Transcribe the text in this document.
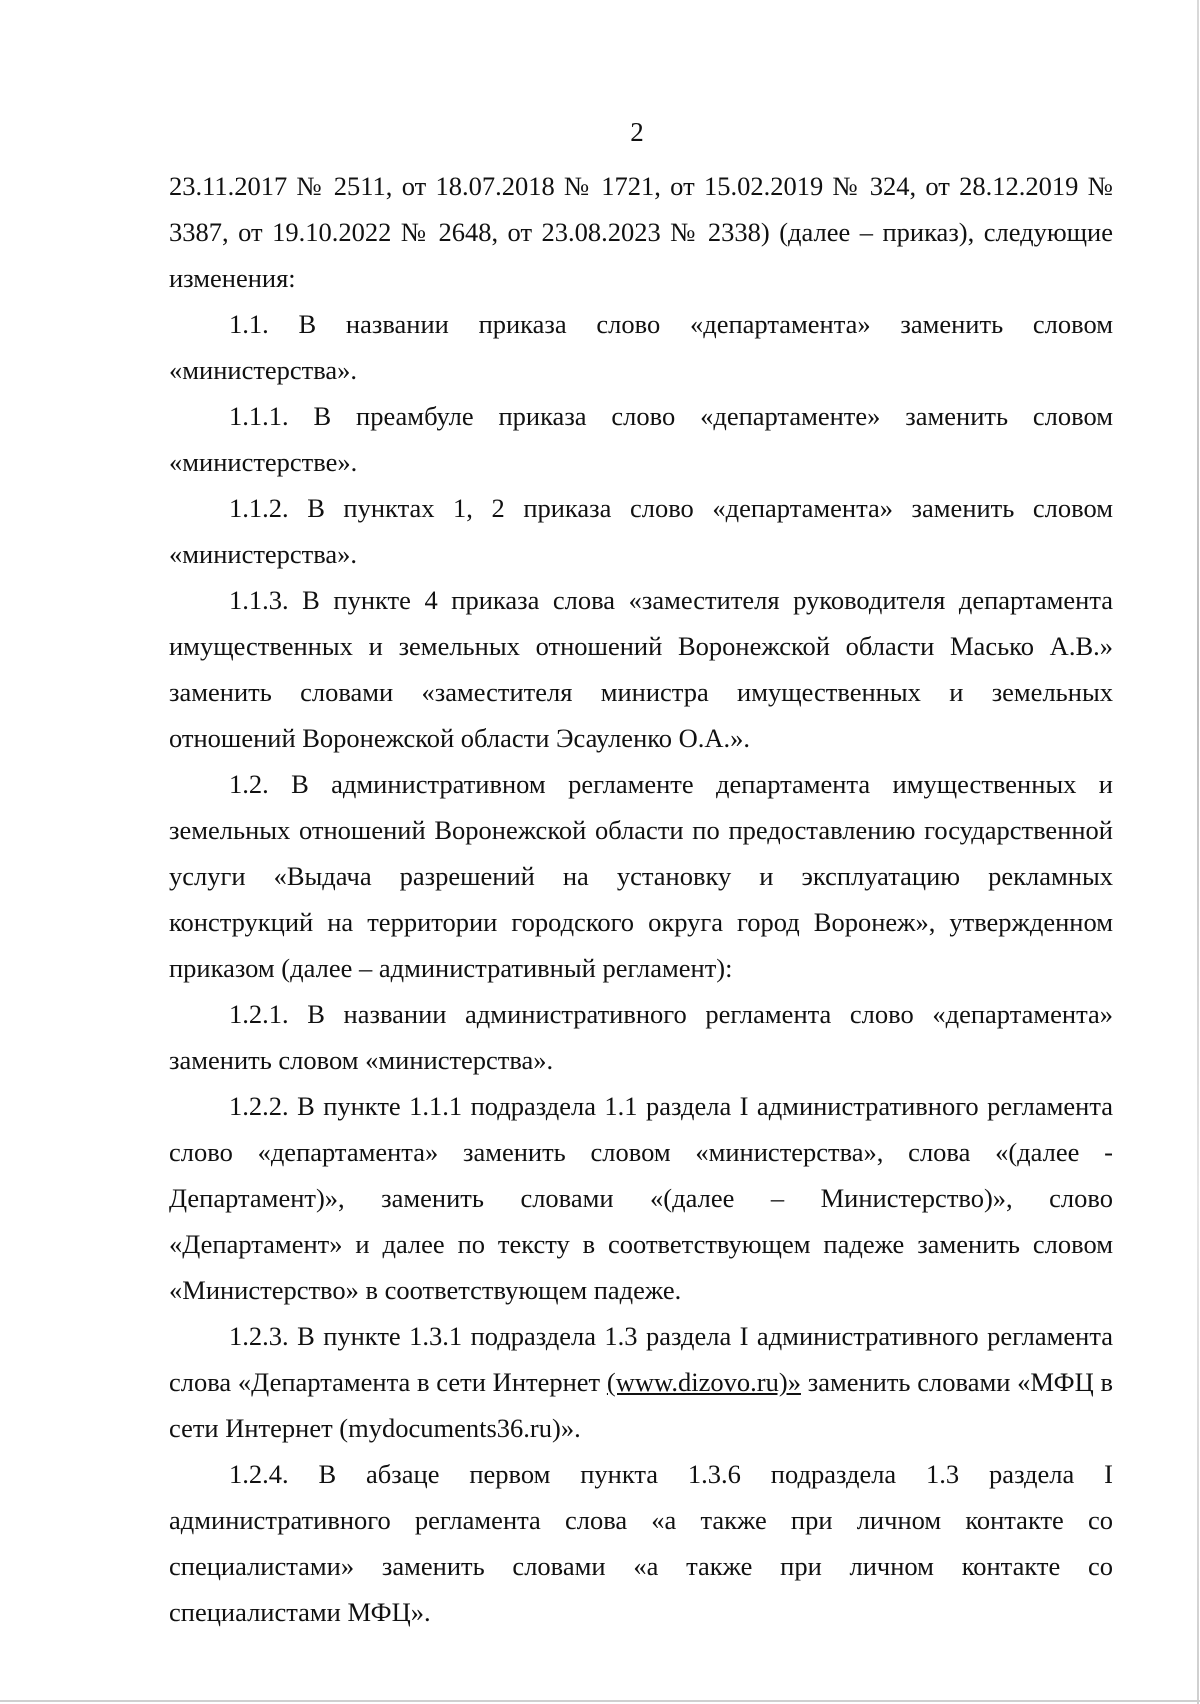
2

23.11.2017 № 2511, от 18.07.2018 № 1721, от 15.02.2019 № 324, от 28.12.2019 № 3387, от 19.10.2022 № 2648, от 23.08.2023 № 2338) (далее – приказ), следующие изменения:

1.1. В названии приказа слово «департамента» заменить словом «министерства».

1.1.1. В преамбуле приказа слово «департаменте» заменить словом «министерстве».

1.1.2. В пунктах 1, 2 приказа слово «департамента» заменить словом «министерства».

1.1.3. В пункте 4 приказа слова «заместителя руководителя департамента имущественных и земельных отношений Воронежской области Масько А.В.» заменить словами «заместителя министра имущественных и земельных отношений Воронежской области Эсауленко О.А.».

1.2. В административном регламенте департамента имущественных и земельных отношений Воронежской области по предоставлению государственной услуги «Выдача разрешений на установку и эксплуатацию рекламных конструкций на территории городского округа город Воронеж», утвержденном приказом (далее – административный регламент):

1.2.1. В названии административного регламента слово «департамента» заменить словом «министерства».

1.2.2. В пункте 1.1.1 подраздела 1.1 раздела I административного регламента слово «департамента» заменить словом «министерства», слова «(далее - Департамент)», заменить словами «(далее – Министерство)», слово «Департамент» и далее по тексту в соответствующем падеже заменить словом «Министерство» в соответствующем падеже.

1.2.3. В пункте 1.3.1 подраздела 1.3 раздела I административного регламента слова «Департамента в сети Интернет (www.dizovo.ru)» заменить словами «МФЦ в сети Интернет (mydocuments36.ru)».

1.2.4. В абзаце первом пункта 1.3.6 подраздела 1.3 раздела I административного регламента слова «а также при личном контакте со специалистами» заменить словами «а также при личном контакте со специалистами МФЦ».
